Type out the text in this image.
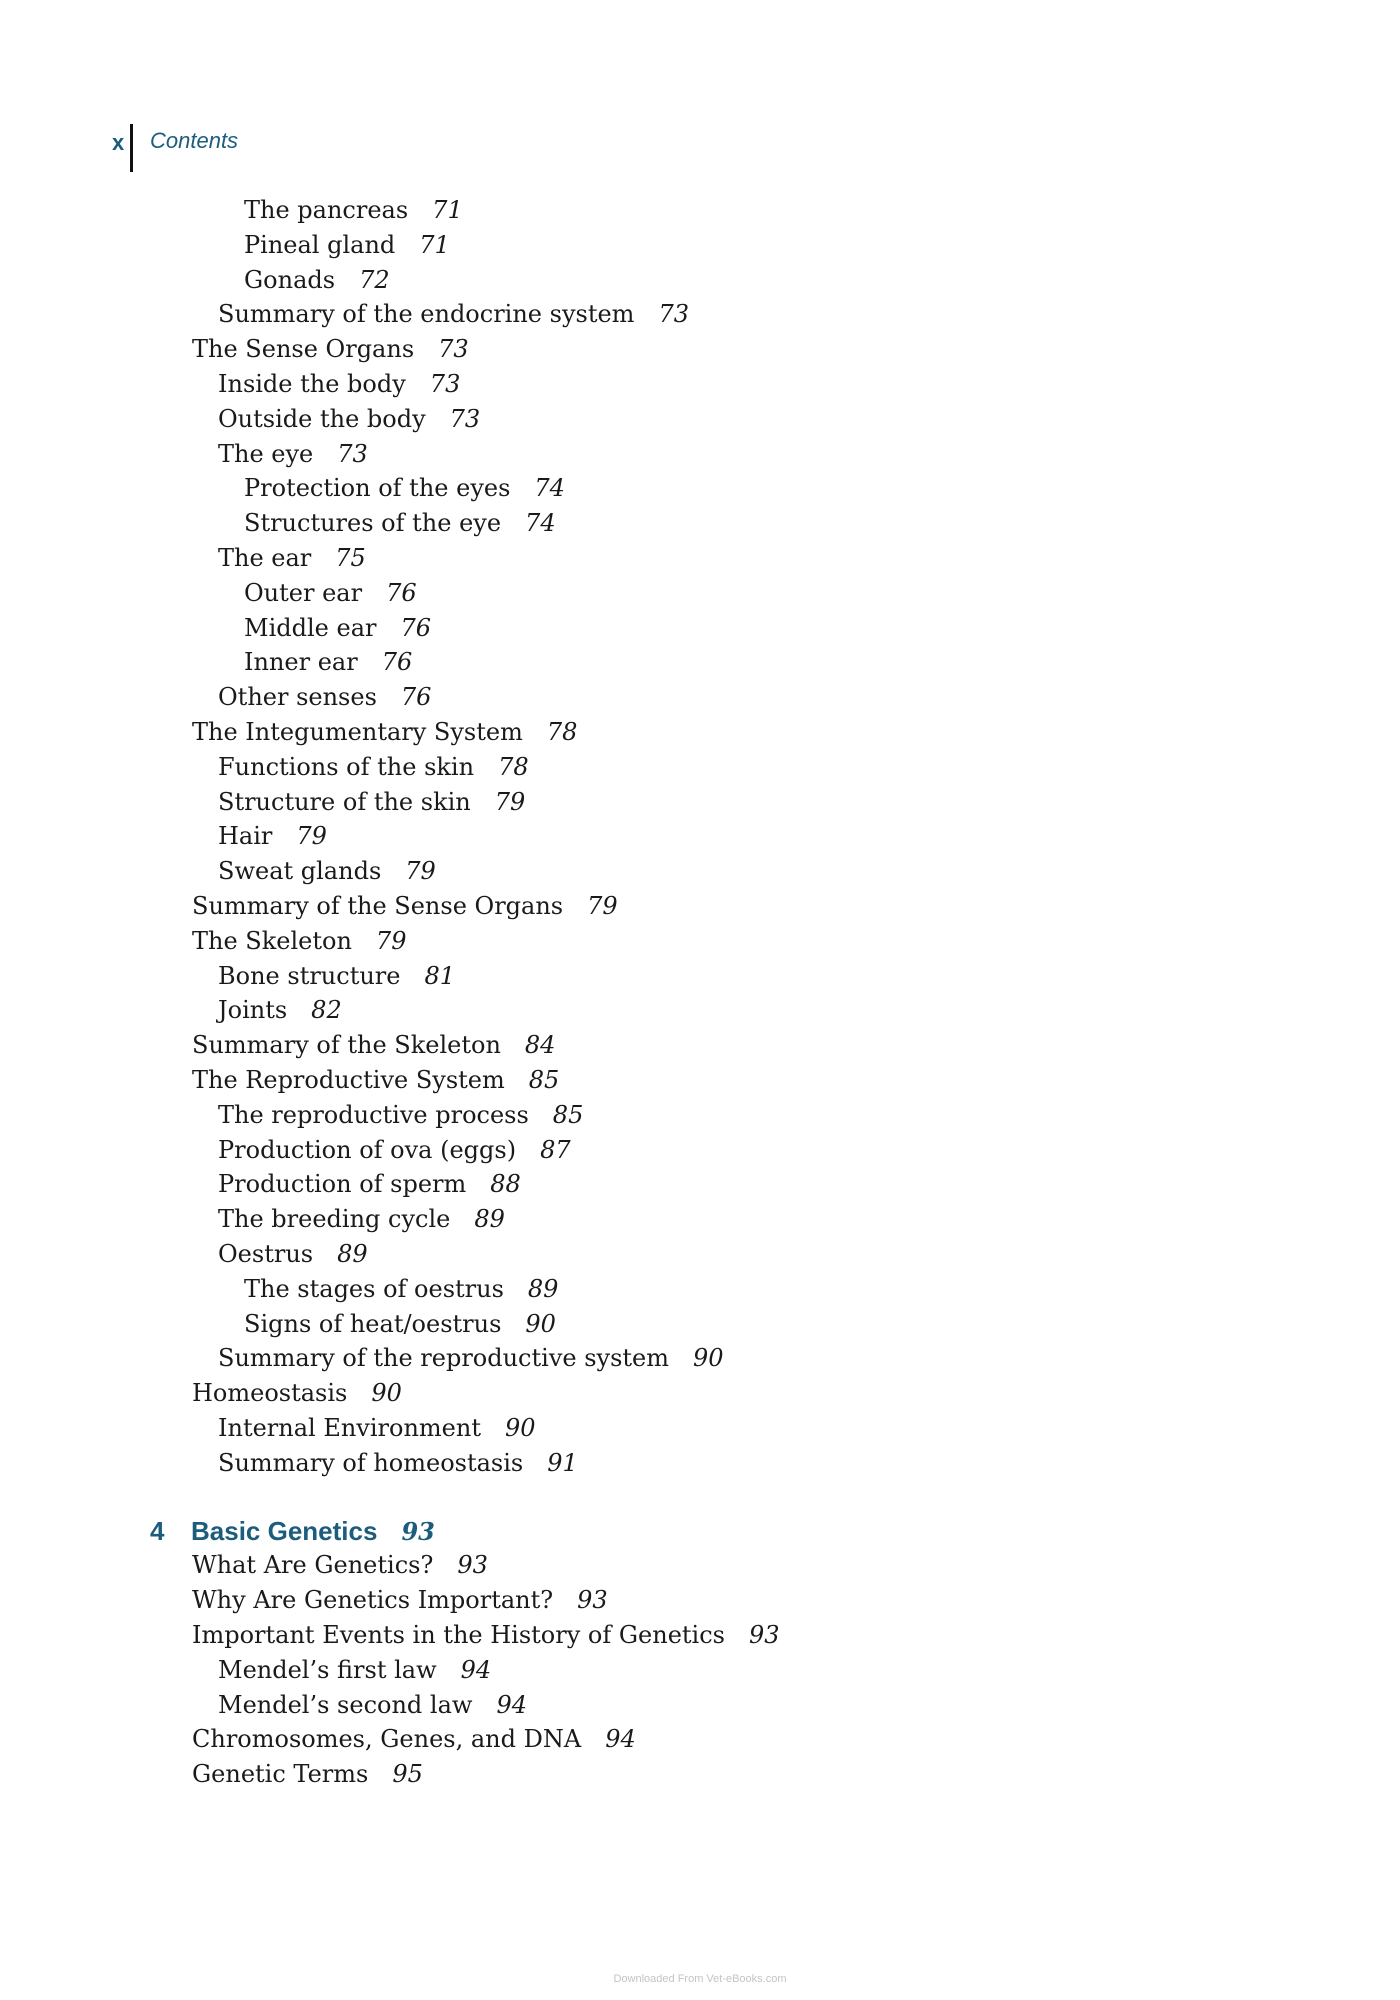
x Contents
The pancreas 71
Pineal gland 71
Gonads 72
Summary of the endocrine system 73
The Sense Organs 73
Inside the body 73
Outside the body 73
The eye 73
Protection of the eyes 74
Structures of the eye 74
The ear 75
Outer ear 76
Middle ear 76
Inner ear 76
Other senses 76
The Integumentary System 78
Functions of the skin 78
Structure of the skin 79
Hair 79
Sweat glands 79
Summary of the Sense Organs 79
The Skeleton 79
Bone structure 81
Joints 82
Summary of the Skeleton 84
The Reproductive System 85
The reproductive process 85
Production of ova (eggs) 87
Production of sperm 88
The breeding cycle 89
Oestrus 89
The stages of oestrus 89
Signs of heat/oestrus 90
Summary of the reproductive system 90
Homeostasis 90
Internal Environment 90
Summary of homeostasis 91
4 Basic Genetics 93
What Are Genetics? 93
Why Are Genetics Important? 93
Important Events in the History of Genetics 93
Mendel’s first law 94
Mendel’s second law 94
Chromosomes, Genes, and DNA 94
Genetic Terms 95
Downloaded From Vet-eBooks.com
